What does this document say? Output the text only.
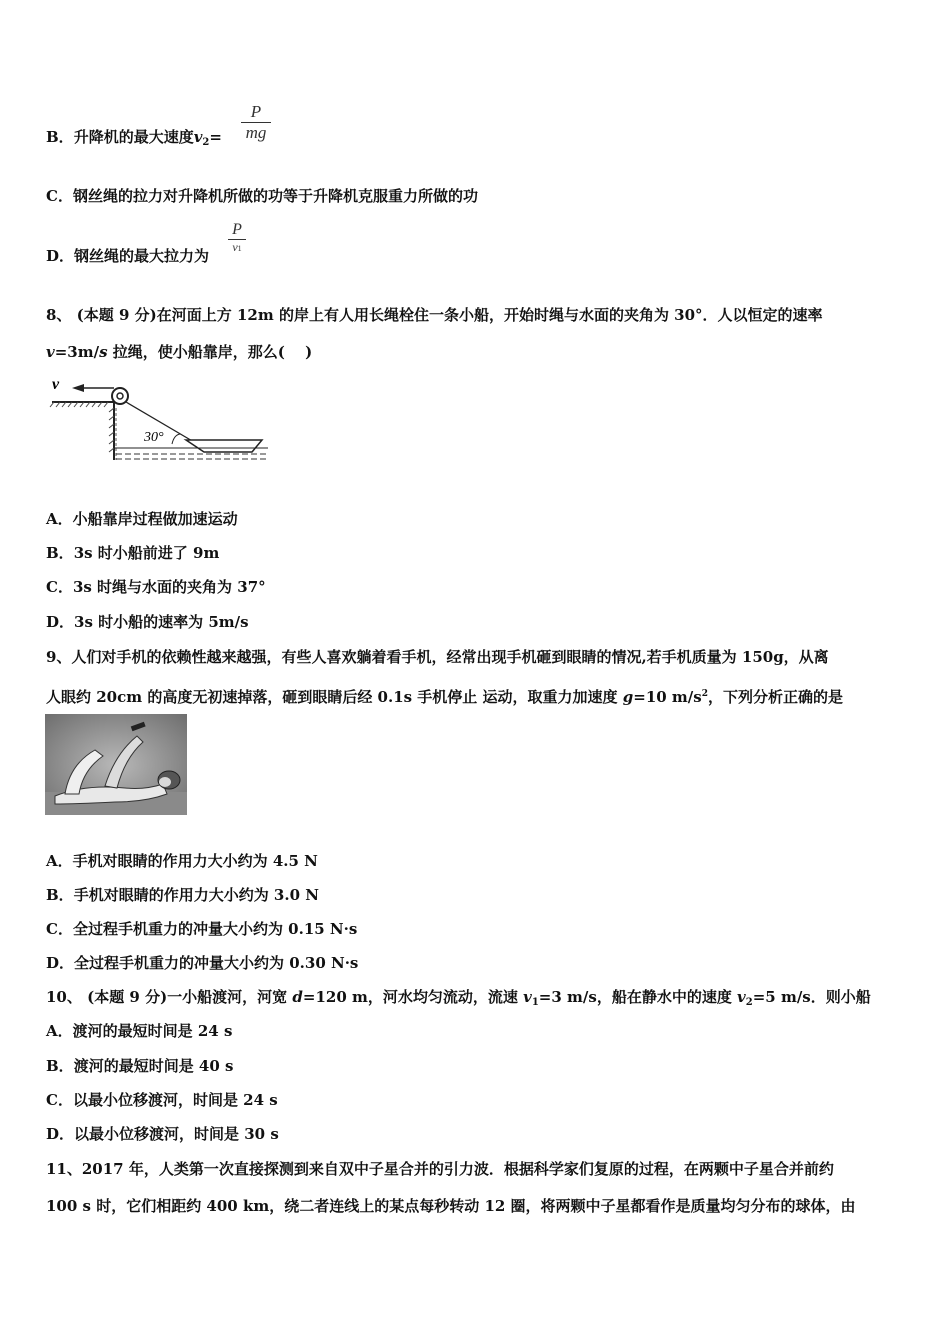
B．升降机的最大速度$v_2=$
P
mg
C．钢丝绳的拉力对升降机所做的功等于升降机克服重力所做的功
D．钢丝绳的最大拉力为
P
v1
8、 (本题 9 分)在河面上方 12m 的岸上有人用长绳栓住一条小船，开始时绳与水面的夹角为 30°．人以恒定的速率
v=3m/s 拉绳，使小船靠岸，那么(　 )
v
30°
A．小船靠岸过程做加速运动
B．3s 时小船前进了 9m
C．3s 时绳与水面的夹角为 37°
D．3s 时小船的速率为 5m/s
9、人们对手机的依赖性越来越强，有些人喜欢躺着看手机，经常出现手机砸到眼睛的情况,若手机质量为 150g，从离
人眼约 20cm 的高度无初速掉落，砸到眼睛后经 0.1s 手机停止 运动，取重力加速度 g=10 $m/s^2$，下列分析正确的是
A．手机对眼睛的作用力大小约为 4.5 N
B．手机对眼睛的作用力大小约为 3.0 N
C．全过程手机重力的冲量大小约为 0.15 N·s
D．全过程手机重力的冲量大小约为 0.30 N·s
10、 (本题 9 分)一小船渡河，河宽 d=120 m，河水均匀流动，流速 $v_1=3$ m/s，船在静水中的速度 $v_2=5$ m/s．则小船
A．渡河的最短时间是 24 s
B．渡河的最短时间是 40 s
C．以最小位移渡河，时间是 24 s
D．以最小位移渡河，时间是 30 s
11、2017 年，人类第一次直接探测到来自双中子星合并的引力波．根据科学家们复原的过程，在两颗中子星合并前约
100 s 时，它们相距约 400 km，绕二者连线上的某点每秒转动 12 圈，将两颗中子星都看作是质量均匀分布的球体，由
